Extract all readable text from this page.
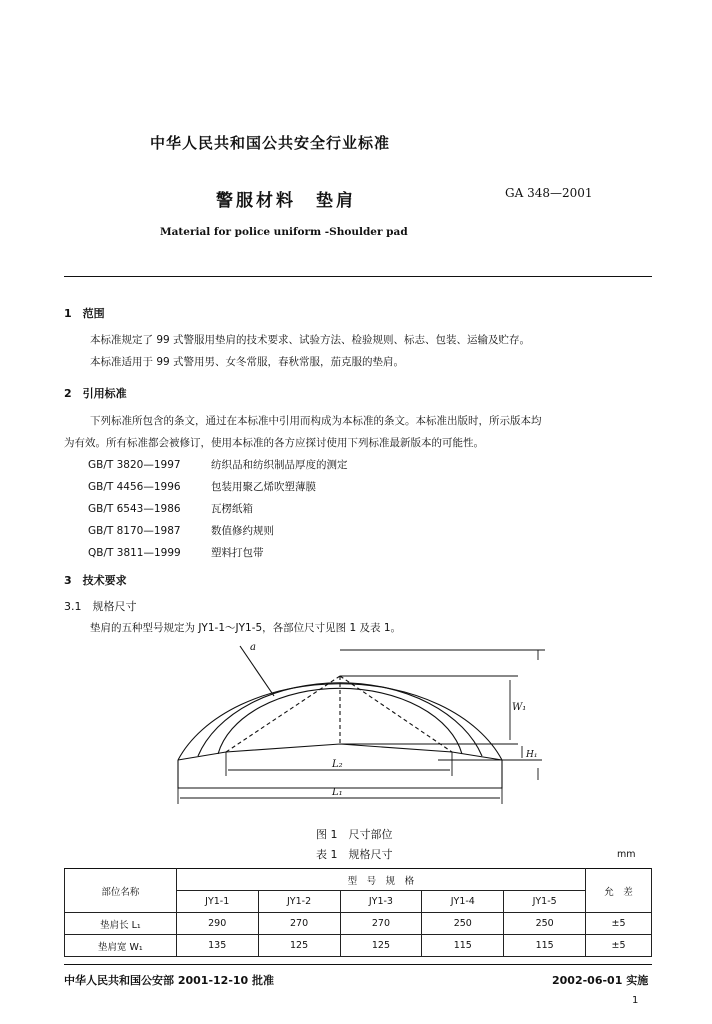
中华人民共和国公共安全行业标准
警服材料　垫肩	GA 348—2001
Material for police uniform -Shoulder pad
1　范围
本标准规定了 99 式警服用垫肩的技术要求、试验方法、检验规则、标志、包装、运输及贮存。
本标准适用于 99 式警用男、女冬常服，春秋常服，茄克服的垫肩。
2　引用标准
下列标准所包含的条文，通过在本标准中引用而构成为本标准的条文。本标准出版时，所示版本均
为有效。所有标准都会被修订，使用本标准的各方应探讨使用下列标准最新版本的可能性。
GB/T 3820—1997	纺织品和纺织制品厚度的测定
GB/T 4456—1996	包装用聚乙烯吹塑薄膜
GB/T 6543—1986	瓦楞纸箱
GB/T 8170—1987	数值修约规则
QB/T 3811—1999	塑料打包带
3　技术要求
3.1　规格尺寸
垫肩的五种型号规定为 JY1-1～JY1-5，各部位尺寸见图 1 及表 1。
a
W₁
H₁
L₂
L₁
图 1　尺寸部位
表 1　规格尺寸	mm
部位名称	型　号　规　格					允　差
	JY1-1	JY1-2	JY1-3	JY1-4	JY1-5	
垫肩长 L₁	290	270	270	250	250	±5
垫肩宽 W₁	135	125	125	115	115	±5
中华人民共和国公安部 2001-12-10 批准	2002-06-01 实施
1
